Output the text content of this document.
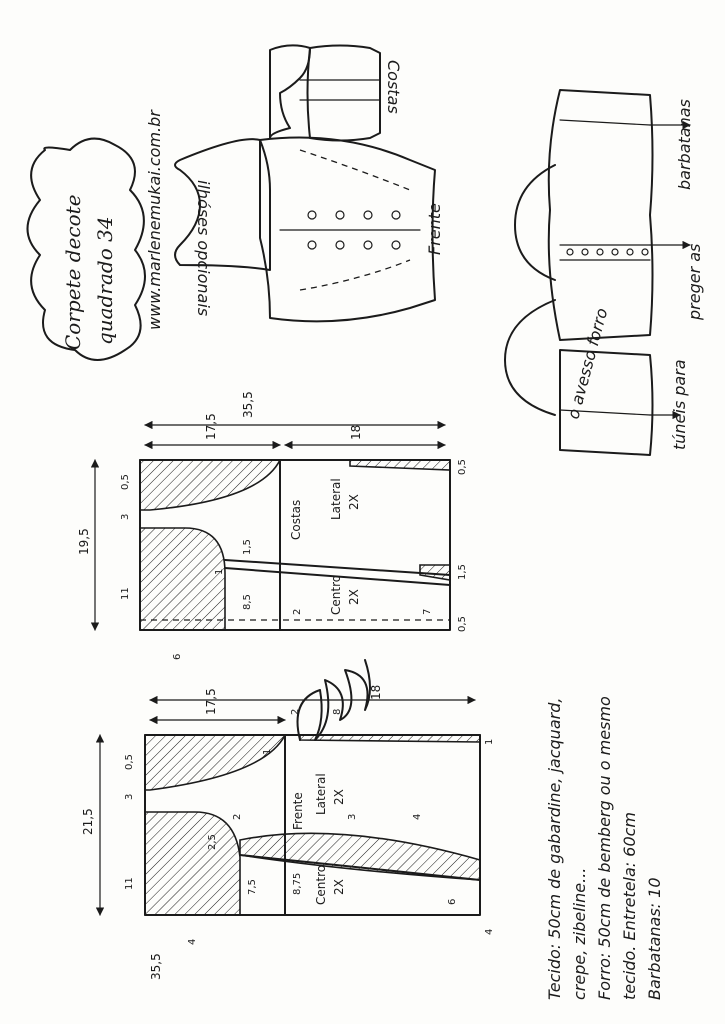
Corpete decote quadrado 34 www.marlenemukai.com.br	Frente
ilhóses opcionais
Costas
o avesso forro
barbatanas
preger as
túneis para
Costas Lateral 2X
Centro 2X
35,5
17,5	18
19,5
0,5
3
11
6
1,5
1
8,5
2	7
0,5
1,5
0,5
Frente Lateral 2X
Centro 2X
35,5
17,5	2	8
18
21,5
0,5
3
11
4
2,5
7,5	8,75
3	4
6
1
4
1
2	Tecido: 50cm de gabardine, jacquard, crepe, zibeline... Forro: 50cm de bemberg ou o mesmo tecido. Entretela: 60cm Barbatanas: 10
